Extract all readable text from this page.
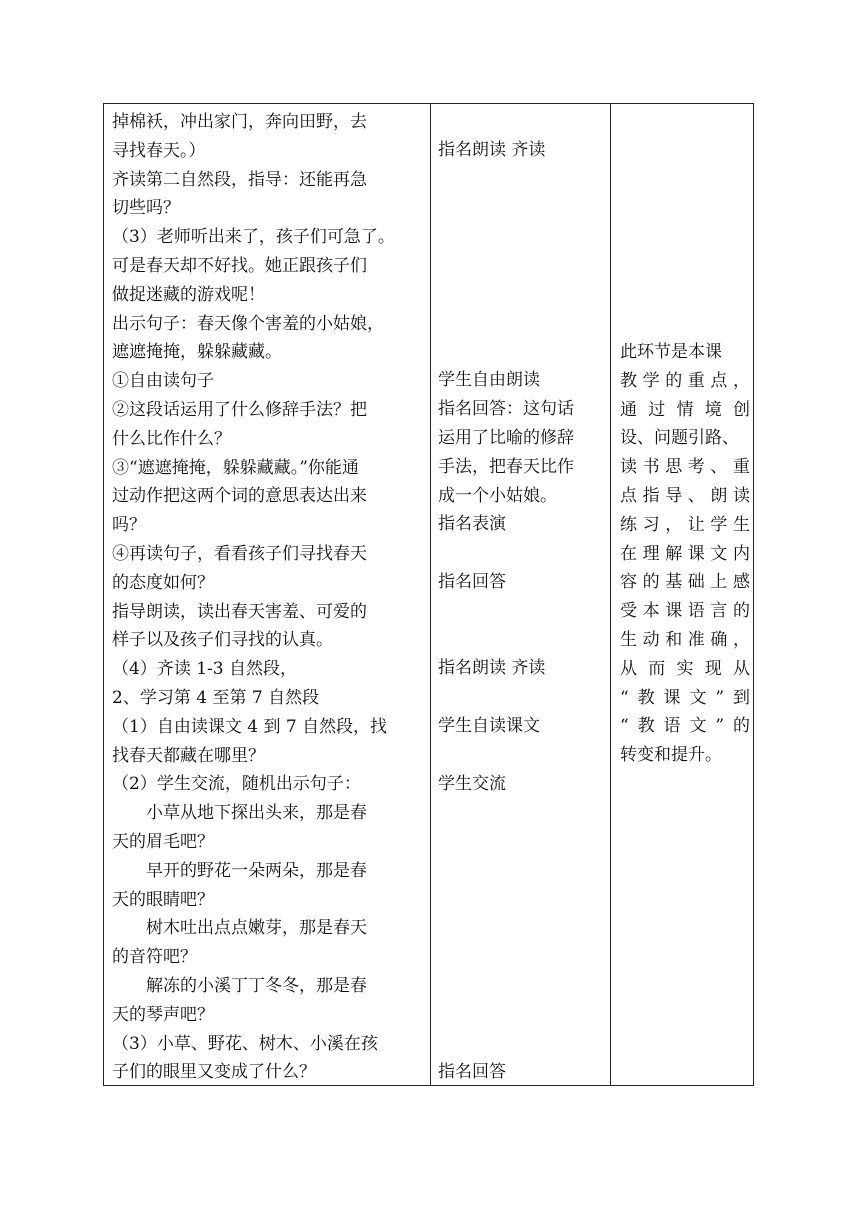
掉棉袄，冲出家门，奔向田野，去
寻找春天。）
齐读第二自然段，指导：还能再急
切些吗？
（3）老师听出来了，孩子们可急了。
可是春天却不好找。她正跟孩子们
做捉迷藏的游戏呢！
出示句子：春天像个害羞的小姑娘，
遮遮掩掩，躲躲藏藏。
①自由读句子
②这段话运用了什么修辞手法？把
什么比作什么？
③“遮遮掩掩，躲躲藏藏。”你能通
过动作把这两个词的意思表达出来
吗？
④再读句子，看看孩子们寻找春天
的态度如何？
指导朗读，读出春天害羞、可爱的
样子以及孩子们寻找的认真。
（4）齐读 1-3 自然段，
2、学习第 4 至第 7 自然段
（1）自由读课文 4 到 7 自然段，找
找春天都藏在哪里？
（2）学生交流，随机出示句子：
小草从地下探出头来，那是春
天的眉毛吧？
早开的野花一朵两朵，那是春
天的眼睛吧？
树木吐出点点嫩芽，那是春天
的音符吧？
解冻的小溪丁丁冬冬，那是春
天的琴声吧？
（3）小草、野花、树木、小溪在孩
子们的眼里又变成了什么？
指名朗读 齐读
学生自由朗读
指名回答：这句话
运用了比喻的修辞
手法，把春天比作
成一个小姑娘。
指名表演
指名回答
指名朗读 齐读
学生自读课文
学生交流
指名回答
此环节是本课
教学的重点，
通过情境创
设、问题引路、
读书思考、重
点指导、朗读
练习，让学生
在理解课文内
容的基础上感
受本课语言的
生动和准确，
从而实现从
“教课文”到
“教语文”的
转变和提升。
